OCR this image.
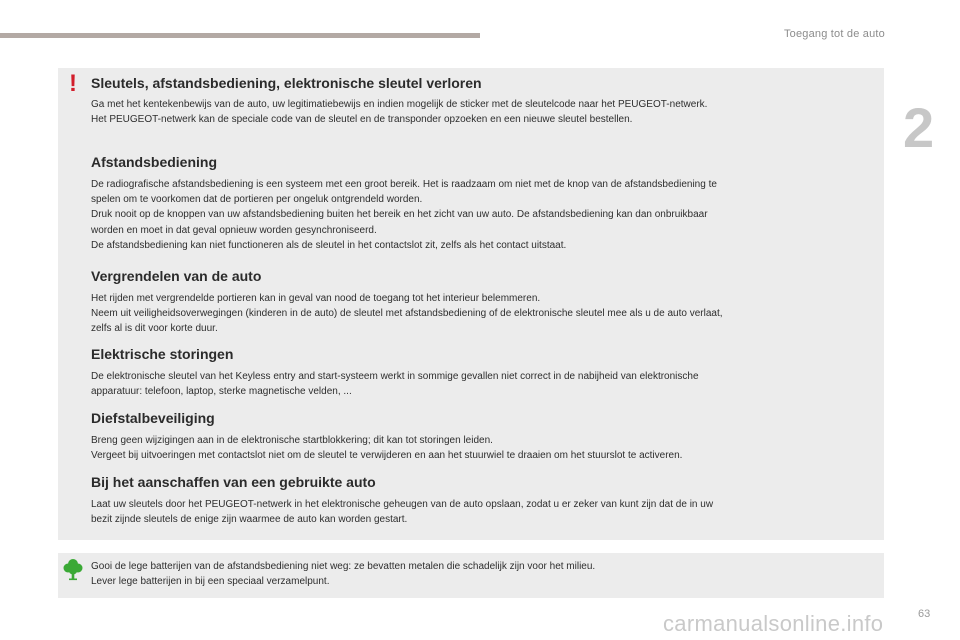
Toegang tot de auto
2
! Sleutels, afstandsbediening, elektronische sleutel verloren

Ga met het kentekenbewijs van de auto, uw legitimatiebewijs en indien mogelijk de sticker met de sleutelcode naar het PEUGEOT-netwerk.

Het PEUGEOT-netwerk kan de speciale code van de sleutel en de transponder opzoeken en een nieuwe sleutel bestellen.

Afstandsbediening

De radiografische afstandsbediening is een systeem met een groot bereik. Het is raadzaam om niet met de knop van de afstandsbediening te

spelen om te voorkomen dat de portieren per ongeluk ontgrendeld worden.

Druk nooit op de knoppen van uw afstandsbediening buiten het bereik en het zicht van uw auto. De afstandsbediening kan dan onbruikbaar

worden en moet in dat geval opnieuw worden gesynchroniseerd.

De afstandsbediening kan niet functioneren als de sleutel in het contactslot zit, zelfs als het contact uitstaat.

Vergrendelen van de auto

Het rijden met vergrendelde portieren kan in geval van nood de toegang tot het interieur belemmeren.

Neem uit veiligheidsoverwegingen (kinderen in de auto) de sleutel met afstandsbediening of de elektronische sleutel mee als u de auto verlaat,

zelfs al is dit voor korte duur.

Elektrische storingen

De elektronische sleutel van het Keyless entry and start-systeem werkt in sommige gevallen niet correct in de nabijheid van elektronische

apparatuur: telefoon, laptop, sterke magnetische velden, ...

Diefstalbeveiliging

Breng geen wijzigingen aan in de elektronische startblokkering; dit kan tot storingen leiden.

Vergeet bij uitvoeringen met contactslot niet om de sleutel te verwijderen en aan het stuurwiel te draaien om het stuurslot te activeren.

Bij het aanschaffen van een gebruikte auto

Laat uw sleutels door het PEUGEOT-netwerk in het elektronische geheugen van de auto opslaan, zodat u er zeker van kunt zijn dat de in uw

bezit zijnde sleutels de enige zijn waarmee de auto kan worden gestart.

Gooi de lege batterijen van de afstandsbediening niet weg: ze bevatten metalen die schadelijk zijn voor het milieu.

Lever lege batterijen in bij een speciaal verzamelpunt.

carmanualsonline.info	63
